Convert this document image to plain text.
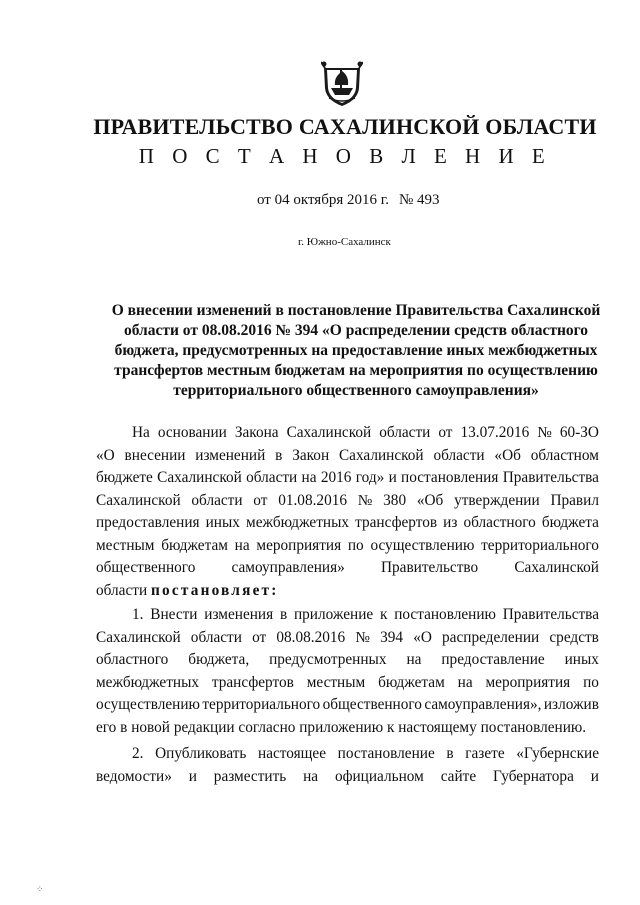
ПРАВИТЕЛЬСТВО САХАЛИНСКОЙ ОБЛАСТИ
П О С Т А Н О В Л Е Н И Е
от 04 октября 2016 г. № 493
г. Южно-Сахалинск
О внесении изменений в постановление Правительства Сахалинской
области от 08.08.2016 № 394 «О распределении средств областного
бюджета, предусмотренных на предоставление иных межбюджетных
трансфертов местным бюджетам на мероприятия по осуществлению
территориального общественного самоуправления»
На основании Закона Сахалинской области от 13.07.2016 № 60-ЗО
«О внесении изменений в Закон Сахалинской области «Об областном
бюджете Сахалинской области на 2016 год» и постановления Правительства
Сахалинской области от 01.08.2016 № 380 «Об утверждении Правил
предоставления иных межбюджетных трансфертов из областного бюджета
местным бюджетам на мероприятия по осуществлению территориального
общественного самоуправления» Правительство Сахалинской
области
постановляет:
1. Внести изменения в приложение к постановлению Правительства
Сахалинской области от 08.08.2016 № 394 «О распределении средств
областного бюджета, предусмотренных на предоставление иных
межбюджетных трансфертов местным бюджетам на мероприятия по
осуществлению территориального общественного самоуправления», изложив
его в новой редакции согласно приложению к настоящему постановлению.
2. Опубликовать настоящее постановление в газете «Губернские
ведомости» и разместить на официальном сайте Губернатора и
⁘
